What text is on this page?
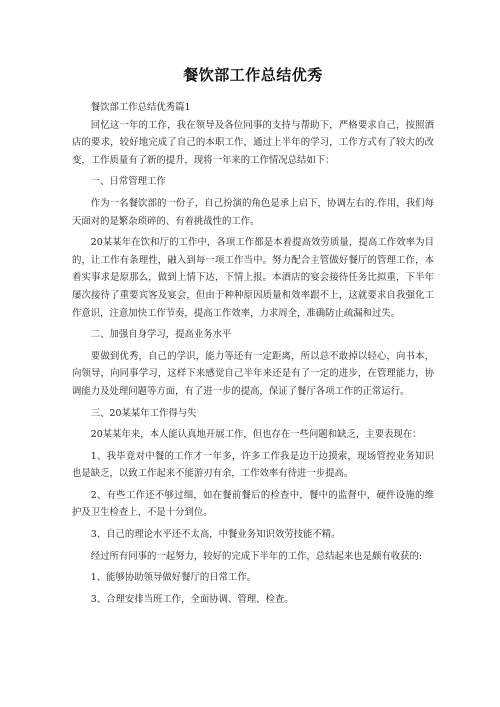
餐饮部工作总结优秀

餐饮部工作总结优秀篇1

回忆这一年的工作，我在领导及各位同事的支持与帮助下，严格要求自己，按照酒店的要求，较好地完成了自己的本职工作，通过上半年的学习，工作方式有了较大的改变，工作质量有了新的提升，现将一年来的工作情况总结如下：

一、日常管理工作

作为一名餐饮部的一份子，自己扮演的角色是承上启下，协调左右的.作用，我们每天面对的是繁杂琐碎的、有着挑战性的工作。

20某某年在饮和厅的工作中，各项工作都是本着提高效劳质量，提高工作效率为目的，让工作有条理性，融入到每一项工作当中。努力配合主管做好餐厅的管理工作，本着实事求是原那么，做到上情下达，下情上报。本酒店的宴会接待任务比拟重，下半年屡次接待了重要宾客及宴会，但由于种种原因质量和效率跟不上，这就要求自我强化工作意识，注意加快工作节奏，提高工作效率，力求周全，准确防止疏漏和过失。

二、加强自身学习，提高业务水平

要做到优秀，自己的学识，能力等还有一定距离，所以总不敢掉以轻心，向书本，向领导，向同事学习，这样下来感觉自己半年来还是有了一定的进步，在管理能力，协调能力及处理问题等方面，有了进一步的提高，保证了餐厅各项工作的正常运行。

三、20某某年工作得与失

20某某年来，本人能认真地开展工作，但也存在一些问题和缺乏，主要表现在：

1、我毕竟对中餐的工作才一年多，许多工作我是边干边摸索，现场管控业务知识也是缺乏，以致工作起来不能游刃有余，工作效率有待进一步提高。

2、有些工作还不够过细，如在餐前餐后的检查中，餐中的监督中，硬件设施的维护及卫生检查上，不是十分到位。

3、自己的理论水平还不太高，中餐业务知识效劳技能不精。

经过所有同事的一起努力，较好的完成下半年的工作，总结起来也是颇有收获的:

1、能够协助领导做好餐厅的日常工作。

3、合理安排当班工作，全面协调、管理、检查。
